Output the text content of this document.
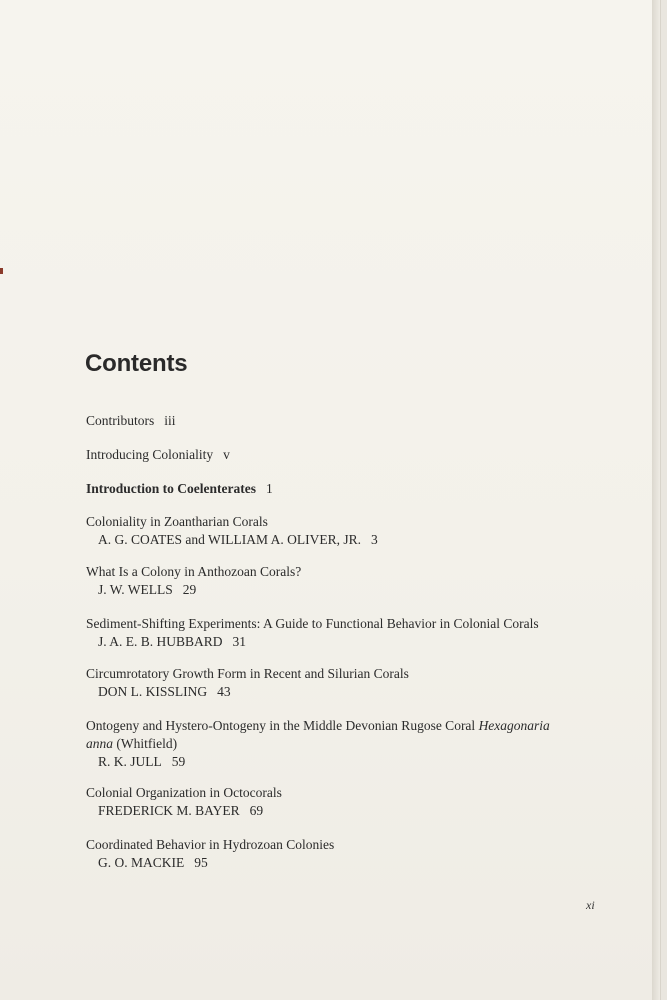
Contents
Contributors iii
Introducing Coloniality v
Introduction to Coelenterates 1
Coloniality in Zoantharian Corals
A. G. COATES and WILLIAM A. OLIVER, JR. 3
What Is a Colony in Anthozoan Corals?
J. W. WELLS 29
Sediment-Shifting Experiments: A Guide to Functional Behavior in Colonial Corals
J. A. E. B. HUBBARD 31
Circumrotatory Growth Form in Recent and Silurian Corals
DON L. KISSLING 43
Ontogeny and Hystero-Ontogeny in the Middle Devonian Rugose Coral Hexagonaria
anna (Whitfield)
R. K. JULL 59
Colonial Organization in Octocorals
FREDERICK M. BAYER 69
Coordinated Behavior in Hydrozoan Colonies
G. O. MACKIE 95
xi
